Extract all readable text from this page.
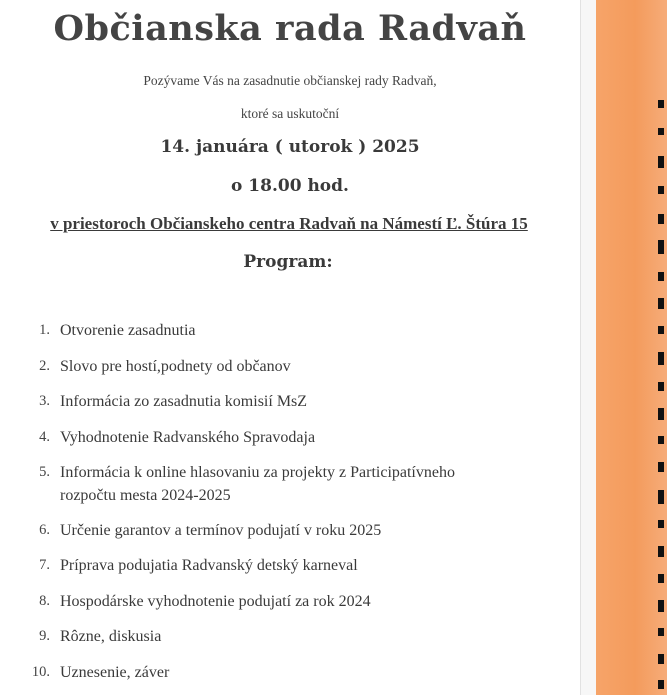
Občianska rada Radvaň
Pozývame Vás na zasadnutie občianskej rady Radvaň,
ktoré sa uskutoční
14. januára ( utorok ) 2025
o 18.00 hod.
v priestoroch Občianskeho centra Radvaň na Námestí Ľ. Štúra 15
Program:
1. Otvorenie zasadnutia
2. Slovo pre hostí,podnety od občanov
3. Informácia zo zasadnutia komisií MsZ
4. Vyhodnotenie Radvanského Spravodaja
5. Informácia k online hlasovaniu za projekty z Participatívneho
rozpočtu mesta 2024-2025
6. Určenie garantov a termínov podujatí v roku 2025
7. Príprava podujatia Radvanský detský karneval
8. Hospodárske vyhodnotenie podujatí za rok 2024
9. Rôzne, diskusia
10. Uznesenie, záver
